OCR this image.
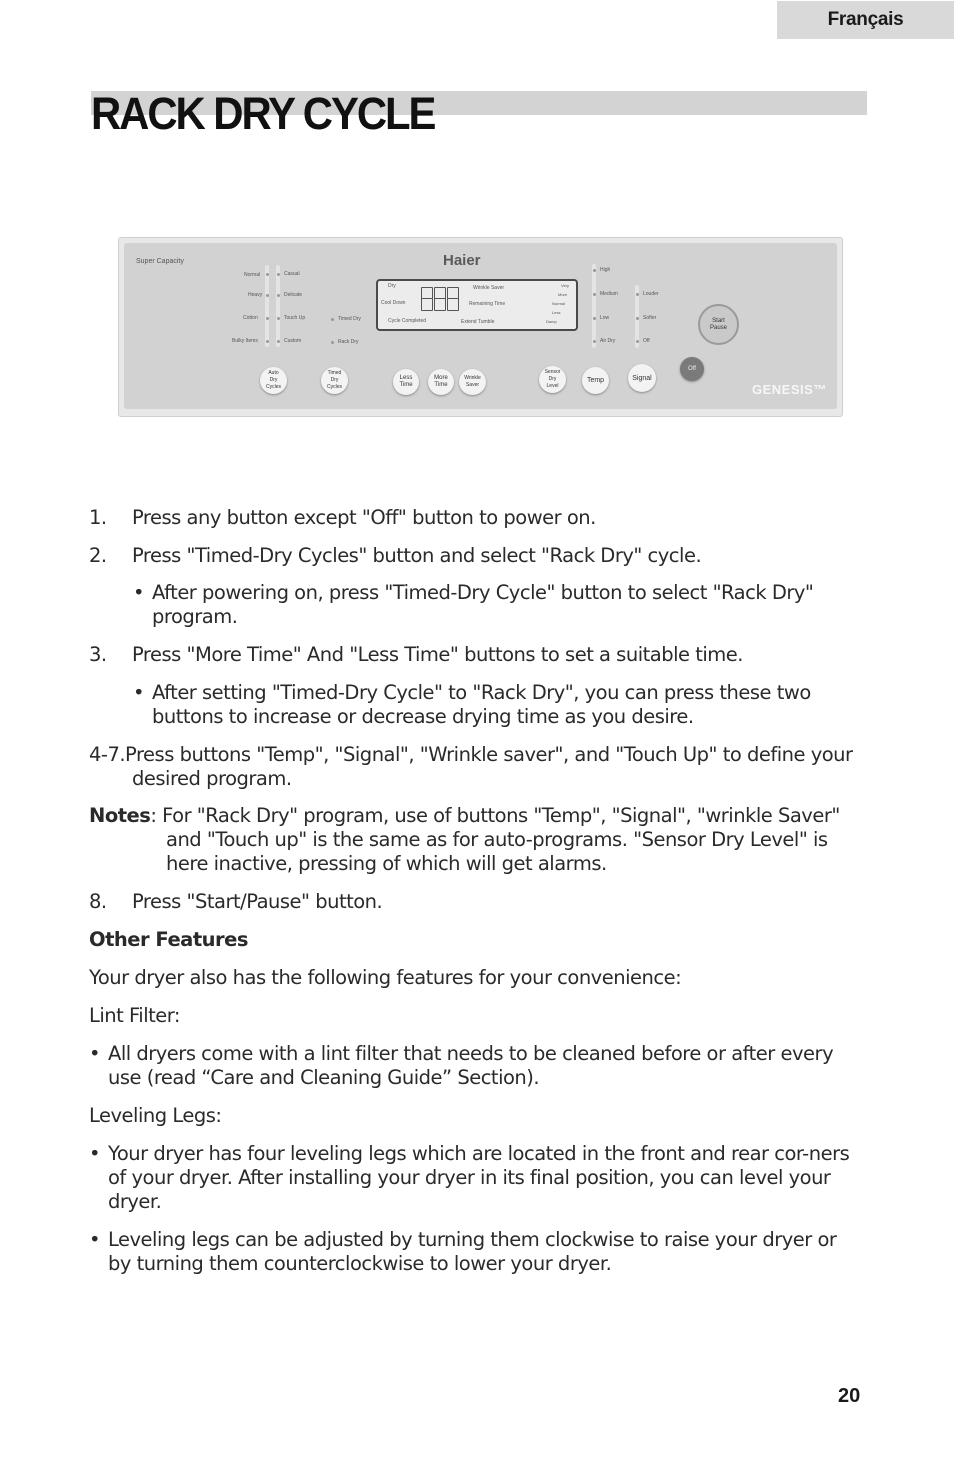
Français
RACK DRY CYCLE
Super Capacity
Normal
Heavy
Cotton
Bulky Items
Casual
Delicate
Touch Up
Custom
Timed Dry
Rack Dry
Haier
Dry
Cool Down
Cycle Completed
Wrinkle Saver
Remaining Time
Extend Tumble
Very
More
Normal
Less
Damp
High
Medium
Low
Air Dry
Louder
Softer
Off
Auto
Dry
Cycles
Timed
Dry
Cycles
Less
Time
More
Time
Wrinkle
Saver
Sensor
Dry
Level
Temp	Signal
Off
Start
Pause
GENESIS™

1. Press any button except "Off" button to power on.

2. Press "Timed-Dry Cycles" button and select "Rack Dry" cycle.

• After powering on, press "Timed-Dry Cycle" button to select "Rack Dry" program.

3. Press "More Time" And "Less Time" buttons to set a suitable time.

• After setting "Timed-Dry Cycle" to "Rack Dry", you can press these two buttons to increase or decrease drying time as you desire.

4-7.Press buttons "Temp", "Signal", "Wrinkle saver", and "Touch Up" to define your desired program.

Notes: For "Rack Dry" program, use of buttons "Temp", "Signal", "wrinkle Saver" and "Touch up" is the same as for auto-programs. "Sensor Dry Level" is here inactive, pressing of which will get alarms.

8. Press "Start/Pause" button.

Other Features

Your dryer also has the following features for your convenience:

Lint Filter:

• All dryers come with a lint filter that needs to be cleaned before or after every use (read “Care and Cleaning Guide” Section).

Leveling Legs:

• Your dryer has four leveling legs which are located in the front and rear cor-ners of your dryer. After installing your dryer in its final position, you can level your dryer.

• Leveling legs can be adjusted by turning them clockwise to raise your dryer or by turning them counterclockwise to lower your dryer.

20
